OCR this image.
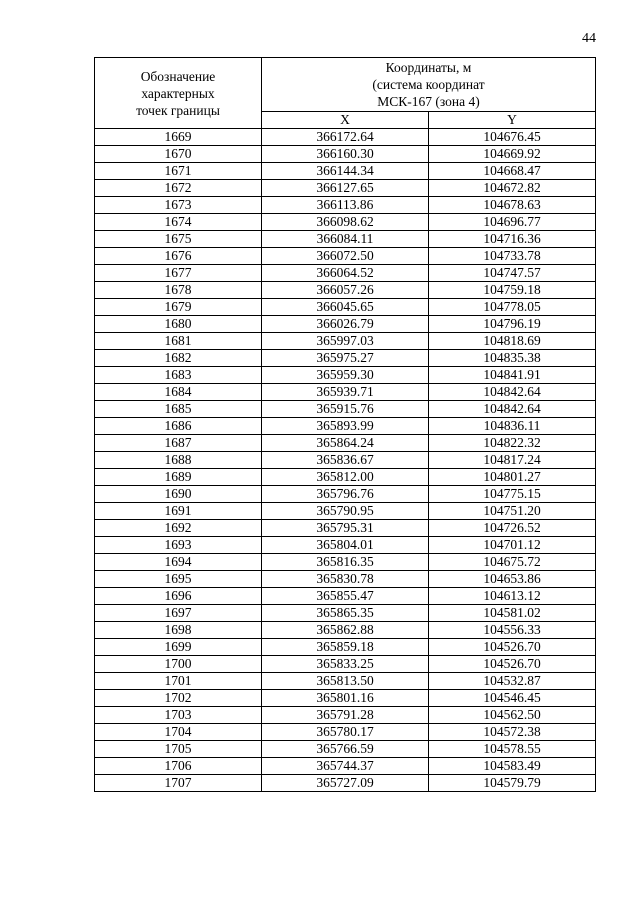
44
Обозначение
характерных
точек границы	Координаты, м
(система координат
МСК-167 (зона 4)	

	X	Y
1669	366172.64	104676.45
1670	366160.30	104669.92
1671	366144.34	104668.47
1672	366127.65	104672.82
1673	366113.86	104678.63
1674	366098.62	104696.77
1675	366084.11	104716.36
1676	366072.50	104733.78
1677	366064.52	104747.57
1678	366057.26	104759.18
1679	366045.65	104778.05
1680	366026.79	104796.19
1681	365997.03	104818.69
1682	365975.27	104835.38
1683	365959.30	104841.91
1684	365939.71	104842.64
1685	365915.76	104842.64
1686	365893.99	104836.11
1687	365864.24	104822.32
1688	365836.67	104817.24
1689	365812.00	104801.27
1690	365796.76	104775.15
1691	365790.95	104751.20
1692	365795.31	104726.52
1693	365804.01	104701.12
1694	365816.35	104675.72
1695	365830.78	104653.86
1696	365855.47	104613.12
1697	365865.35	104581.02
1698	365862.88	104556.33
1699	365859.18	104526.70
1700	365833.25	104526.70
1701	365813.50	104532.87
1702	365801.16	104546.45
1703	365791.28	104562.50
1704	365780.17	104572.38
1705	365766.59	104578.55
1706	365744.37	104583.49
1707	365727.09	104579.79
